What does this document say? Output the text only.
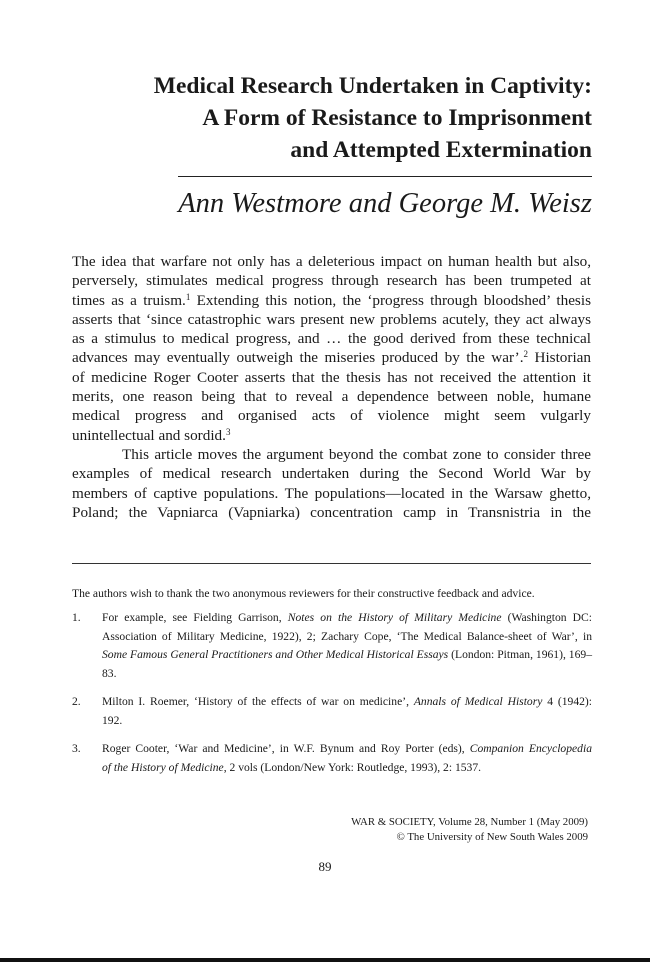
Medical Research Undertaken in Captivity:
A Form of Resistance to Imprisonment
and Attempted Extermination

Ann Westmore and George M. Weisz

The idea that warfare not only has a deleterious impact on human health but also,
perversely, stimulates medical progress through research has been trumpeted at
times as a truism.$^1$ Extending this notion, the ‘progress through bloodshed’ thesis
asserts that ‘since catastrophic wars present new problems acutely, they act always
as a stimulus to medical progress, and … the good derived from these technical
advances may eventually outweigh the miseries produced by the war’.$^2$ Historian
of medicine Roger Cooter asserts that the thesis has not received the attention it
merits, one reason being that to reveal a dependence between noble, humane
medical progress and organised acts of violence might seem vulgarly
unintellectual and sordid.$^3$

This article moves the argument beyond the combat zone to consider three
examples of medical research undertaken during the Second World War by
members of captive populations. The populations—located in the Warsaw ghetto,
Poland; the Vapniarca (Vapniarka) concentration camp in Transnistria in the

The authors wish to thank the two anonymous reviewers for their constructive feedback and advice.

1. For example, see Fielding Garrison, Notes on the History of Military Medicine (Washington DC:
Association of Military Medicine, 1922), 2; Zachary Cope, ‘The Medical Balance-sheet of War’, in
Some Famous General Practitioners and Other Medical Historical Essays (London: Pitman, 1961), 169–
83.
2. Milton I. Roemer, ‘History of the effects of war on medicine’, Annals of Medical History 4 (1942):
192.
3. Roger Cooter, ‘War and Medicine’, in W.F. Bynum and Roy Porter (eds), Companion Encyclopedia
of the History of Medicine, 2 vols (London/New York: Routledge, 1993), 2: 1537.
WAR & SOCIETY, Volume 28, Number 1 (May 2009)
© The University of New South Wales 2009

89
